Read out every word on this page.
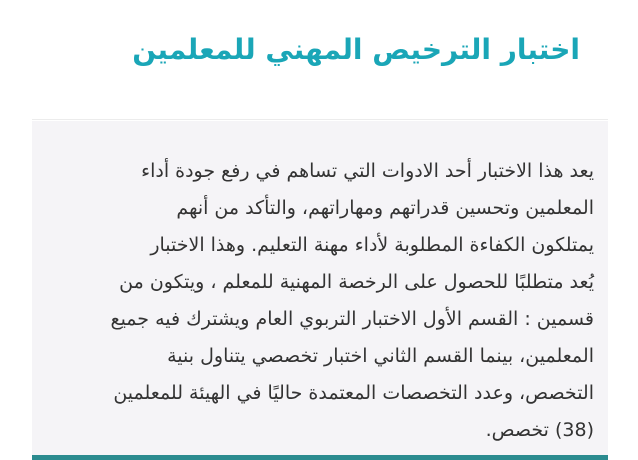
اختبار الترخيص المهني للمعلمين

يعد هذا الاختبار أحد الادوات التي تساهم في رفع جودة أداء
المعلمين وتحسين قدراتهم ومهاراتهم، والتأكد من أنهم
يمتلكون الكفاءة المطلوبة لأداء مهنة التعليم. وهذا الاختبار
يُعد متطلبًا للحصول على الرخصة المهنية للمعلم ، ويتكون من
قسمين : القسم الأول الاختبار التربوي العام ويشترك فيه جميع
المعلمين، بينما القسم الثاني اختبار تخصصي يتناول بنية
التخصص، وعدد التخصصات المعتمدة حاليًا في الهيئة للمعلمين
(38) تخصص.
